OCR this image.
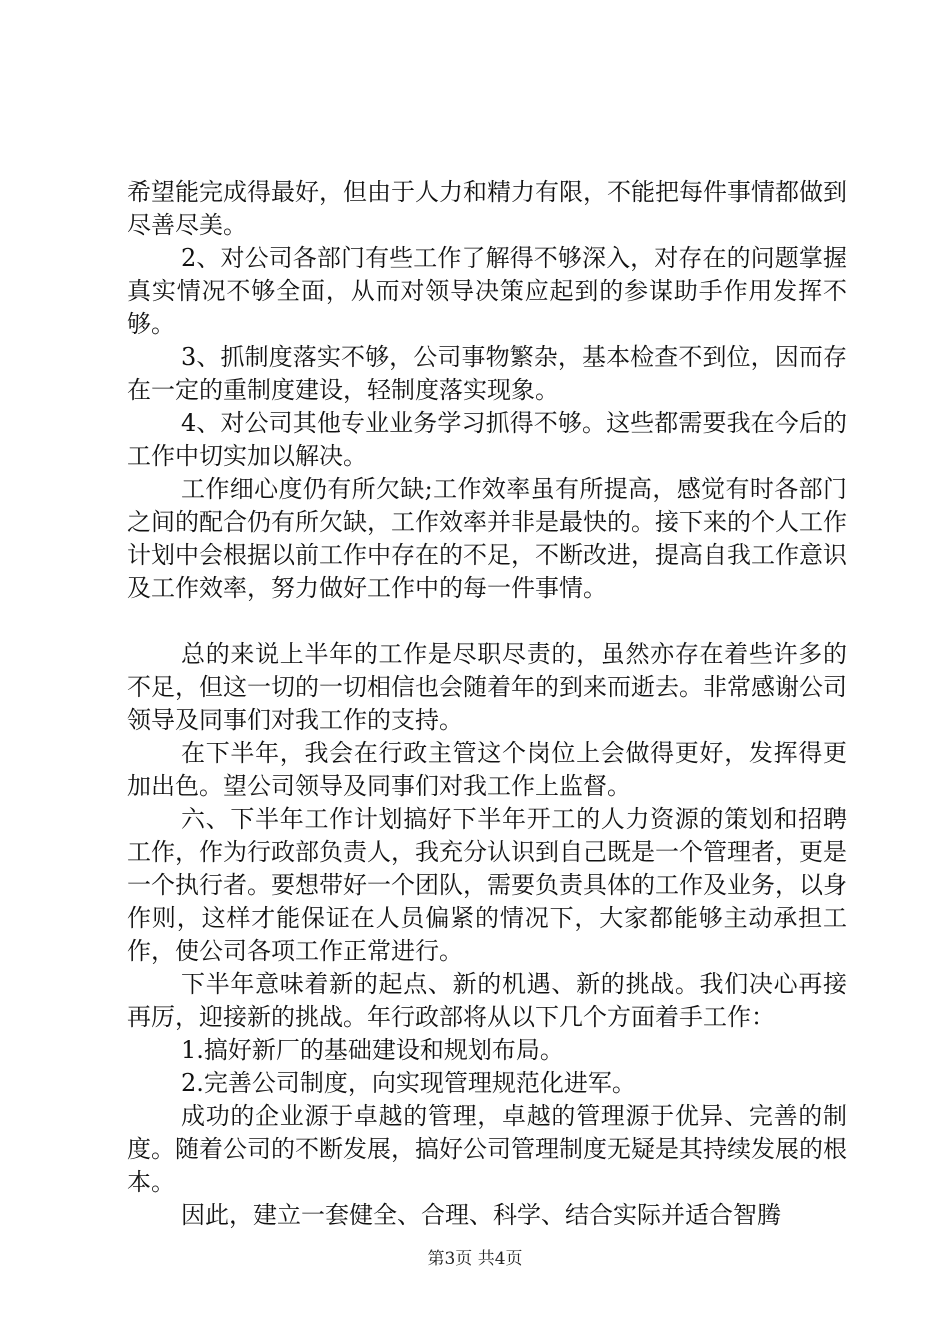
希望能完成得最好，但由于人力和精力有限，不能把每件事情都做到尽善尽美。

2、对公司各部门有些工作了解得不够深入，对存在的问题掌握真实情况不够全面，从而对领导决策应起到的参谋助手作用发挥不够。

3、抓制度落实不够，公司事物繁杂，基本检查不到位，因而存在一定的重制度建设，轻制度落实现象。

4、对公司其他专业业务学习抓得不够。这些都需要我在今后的工作中切实加以解决。

工作细心度仍有所欠缺;工作效率虽有所提高，感觉有时各部门之间的配合仍有所欠缺，工作效率并非是最快的。接下来的个人工作计划中会根据以前工作中存在的不足，不断改进，提高自我工作意识及工作效率，努力做好工作中的每一件事情。

总的来说上半年的工作是尽职尽责的，虽然亦存在着些许多的不足，但这一切的一切相信也会随着年的到来而逝去。非常感谢公司领导及同事们对我工作的支持。

在下半年，我会在行政主管这个岗位上会做得更好，发挥得更加出色。望公司领导及同事们对我工作上监督。

六、下半年工作计划搞好下半年开工的人力资源的策划和招聘工作，作为行政部负责人，我充分认识到自己既是一个管理者，更是一个执行者。要想带好一个团队，需要负责具体的工作及业务，以身作则，这样才能保证在人员偏紧的情况下，大家都能够主动承担工作，使公司各项工作正常进行。

下半年意味着新的起点、新的机遇、新的挑战。我们决心再接再厉，迎接新的挑战。年行政部将从以下几个方面着手工作：

1.搞好新厂的基础建设和规划布局。

2.完善公司制度，向实现管理规范化进军。

成功的企业源于卓越的管理，卓越的管理源于优异、完善的制度。随着公司的不断发展，搞好公司管理制度无疑是其持续发展的根本。

因此，建立一套健全、合理、科学、结合实际并适合智腾

第3页 共4页
